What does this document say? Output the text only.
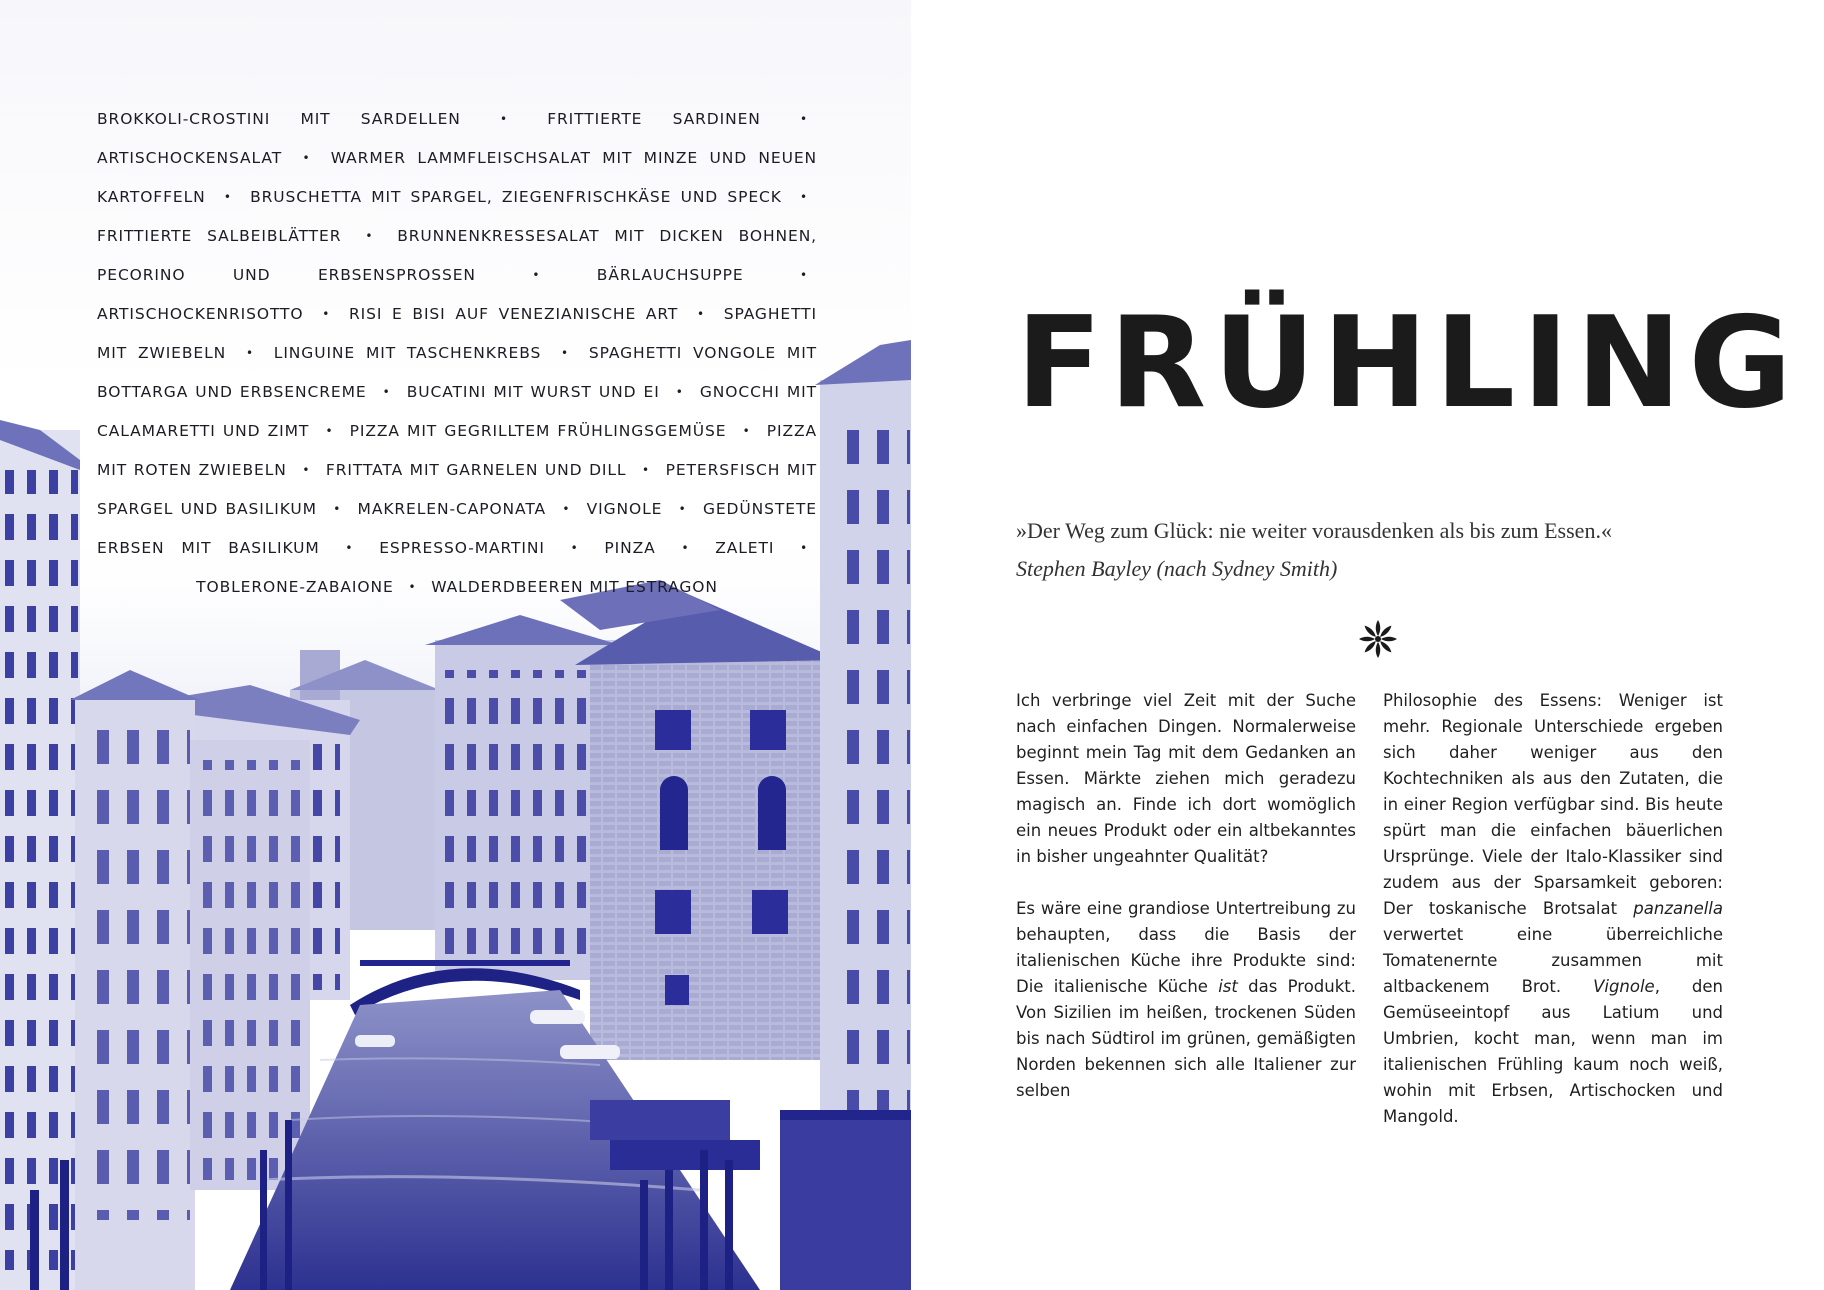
BROKKOLI-CROSTINI MIT SARDELLEN	•	FRITTIERTE SARDINEN	• ARTISCHOCKENSALAT • WARMER LAMMFLEISCHSALAT MIT MINZE UND NEUEN KARTOFFELN • BRUSCHETTA MIT SPARGEL, ZIEGENFRISCHKÄSE UND SPECK • FRITTIERTE SALBEIBLÄTTER • BRUNNENKRESSESALAT MIT DICKEN BOHNEN, PECORINO UND ERBSENSPROSSEN	•	BÄRLAUCHSUPPE	• ARTISCHOCKENRISOTTO • RISI E BISI AUF VENEZIANISCHE ART • SPAGHETTI MIT ZWIEBELN • LINGUINE MIT TASCHENKREBS • SPAGHETTI VONGOLE MIT BOTTARGA UND ERBSENCREME • BUCATINI MIT WURST UND EI • GNOCCHI MIT CALAMARETTI UND ZIMT • PIZZA MIT GEGRILLTEM FRÜHLINGSGEMÜSE • PIZZA MIT ROTEN ZWIEBELN • FRITTATA MIT GARNELEN UND DILL • PETERSFISCH MIT SPARGEL UND BASILIKUM • MAKRELEN-CAPONATA • VIGNOLE • GEDÜNSTETE ERBSEN MIT BASILIKUM • ESPRESSO-MARTINI • PINZA • ZALETI • TOBLERONE-ZABAIONE • WALDERDBEEREN MIT ESTRAGON
FRÜHLING
»Der Weg zum Glück: nie weiter vorausdenken als bis zum Essen.«
Stephen Bayley (nach Sydney Smith)

Ich verbringe viel Zeit mit der Suche nach einfachen Dingen. Normalerweise beginnt mein Tag mit dem Gedanken an Essen. Märkte ziehen mich geradezu magisch an. Finde ich dort womöglich ein neues Produkt oder ein altbekanntes in bisher ungeahnter Qualität?

Es wäre eine grandiose Untertreibung zu behaupten, dass die Basis der italienischen Küche ihre Produkte sind: Die italienische Küche ist das Produkt. Von Sizilien im heißen, trockenen Süden bis nach Südtirol im grünen, gemäßigten Norden bekennen sich alle Italiener zur selben

Philosophie des Essens: Weniger ist mehr. Regionale Unterschiede ergeben sich daher weniger aus den Kochtechniken als aus den Zutaten, die in einer Region verfügbar sind. Bis heute spürt man die einfachen bäuerlichen Ursprünge. Viele der Italo-Klassiker sind zudem aus der Sparsamkeit geboren: Der toskanische Brotsalat panzanella verwertet eine überreichliche Tomatenernte zusammen mit altbackenem Brot. Vignole, den Gemüseeintopf aus Latium und Umbrien, kocht man, wenn man im italienischen Frühling kaum noch weiß, wohin mit Erbsen, Artischocken und Mangold.
